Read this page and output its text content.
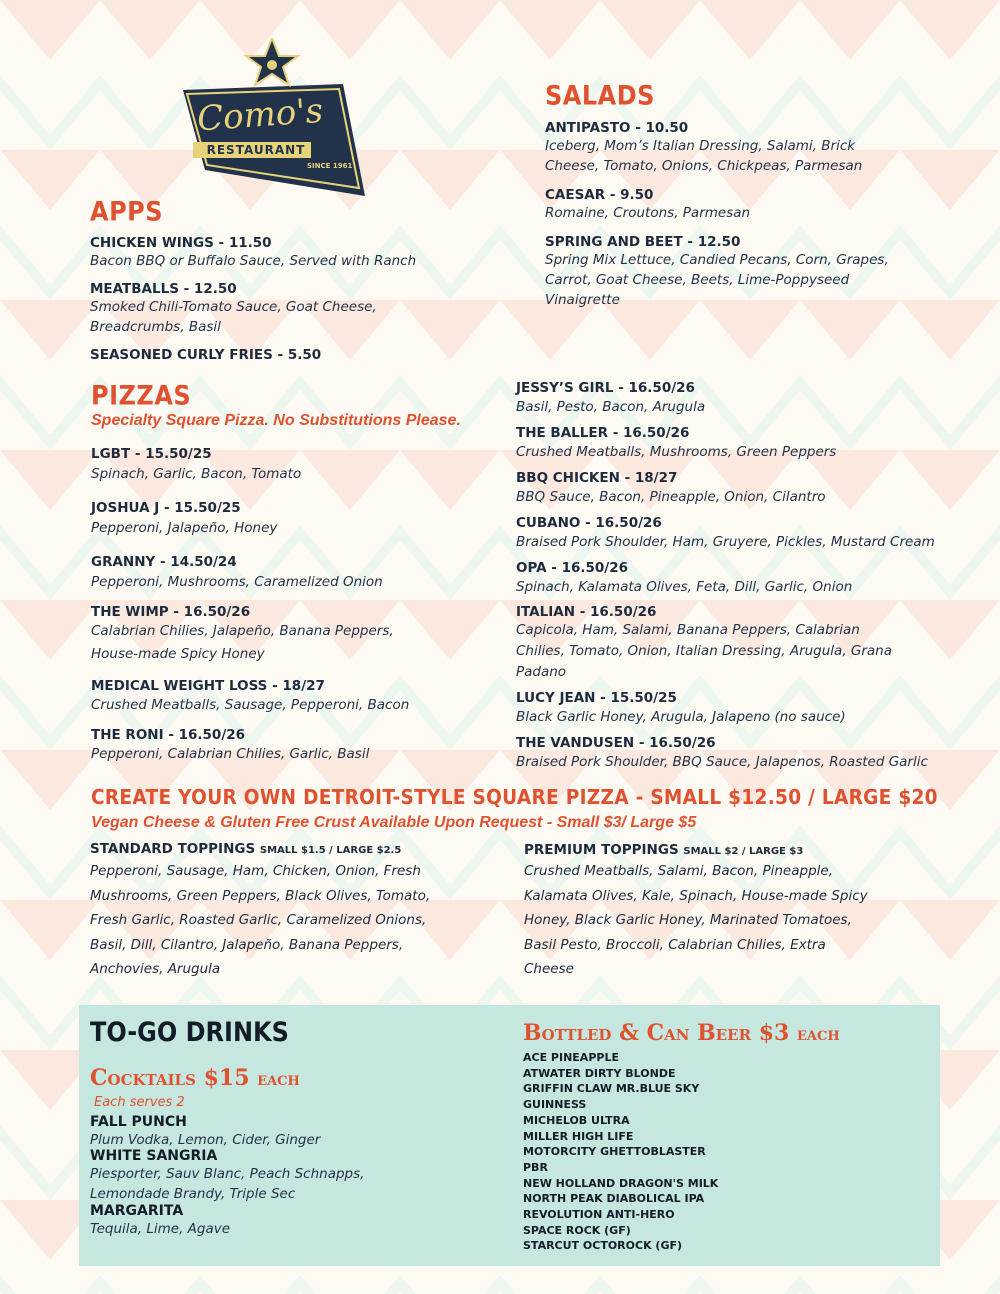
Como's
RESTAURANT
SINCE 1961
SALADS
ANTIPASTO - 10.50
Iceberg, Mom’s Italian Dressing, Salami, Brick Cheese, Tomato, Onions, Chickpeas, Parmesan
CAESAR - 9.50
Romaine, Croutons, Parmesan
SPRING AND BEET - 12.50
Spring Mix Lettuce, Candied Pecans, Corn, Grapes, Carrot, Goat Cheese, Beets, Lime-Poppyseed Vinaigrette
APPS
CHICKEN WINGS - 11.50
Bacon BBQ or Buffalo Sauce, Served with Ranch
MEATBALLS - 12.50
Smoked Chili-Tomato Sauce, Goat Cheese, Breadcrumbs, Basil
SEASONED CURLY FRIES - 5.50
PIZZAS
Specialty Square Pizza. No Substitutions Please.
LGBT - 15.50/25
Spinach, Garlic, Bacon, Tomato
JOSHUA J - 15.50/25
Pepperoni, Jalapeño, Honey
GRANNY - 14.50/24
Pepperoni, Mushrooms, Caramelized Onion
THE WIMP - 16.50/26
Calabrian Chilies, Jalapeño, Banana Peppers, House-made Spicy Honey
MEDICAL WEIGHT LOSS - 18/27
Crushed Meatballs, Sausage, Pepperoni, Bacon
THE RONI - 16.50/26
Pepperoni, Calabrian Chilies, Garlic, Basil
JESSY’S GIRL - 16.50/26
Basil, Pesto, Bacon, Arugula
THE BALLER - 16.50/26
Crushed Meatballs, Mushrooms, Green Peppers
BBQ CHICKEN - 18/27
BBQ Sauce, Bacon, Pineapple, Onion, Cilantro
CUBANO - 16.50/26
Braised Pork Shoulder, Ham, Gruyere, Pickles, Mustard Cream
OPA - 16.50/26
Spinach, Kalamata Olives, Feta, Dill, Garlic, Onion
ITALIAN - 16.50/26
Capicola, Ham, Salami, Banana Peppers, Calabrian Chilies, Tomato, Onion, Italian Dressing, Arugula, Grana Padano
LUCY JEAN - 15.50/25
Black Garlic Honey, Arugula, Jalapeno (no sauce)
THE VANDUSEN - 16.50/26
Braised Pork Shoulder, BBQ Sauce, Jalapenos, Roasted Garlic
CREATE YOUR OWN DETROIT-STYLE SQUARE PIZZA - SMALL $12.50 / LARGE $20
Vegan Cheese & Gluten Free Crust Available Upon Request - Small $3/ Large $5
STANDARD TOPPINGS SMALL $1.5 / LARGE $2.5
Pepperoni, Sausage, Ham, Chicken, Onion, Fresh
Mushrooms, Green Peppers, Black Olives, Tomato,
Fresh Garlic, Roasted Garlic, Caramelized Onions,
Basil, Dill, Cilantro, Jalapeño, Banana Peppers,
Anchovies, Arugula
PREMIUM TOPPINGS SMALL $2 / LARGE $3
Crushed Meatballs, Salami, Bacon, Pineapple,
Kalamata Olives, Kale, Spinach, House-made Spicy
Honey, Black Garlic Honey, Marinated Tomatoes,
Basil Pesto, Broccoli, Calabrian Chilies, Extra
Cheese
TO-GO DRINKS
Cocktails $15 each
Each serves 2
FALL PUNCH
Plum Vodka, Lemon, Cider, Ginger
WHITE SANGRIA
Piesporter, Sauv Blanc, Peach Schnapps, Lemondade Brandy, Triple Sec
MARGARITA
Tequila, Lime, Agave
Bottled & Can Beer $3 each
ACE PINEAPPLE
ATWATER DIRTY BLONDE
GRIFFIN CLAW MR.BLUE SKY
GUINNESS
MICHELOB ULTRA
MILLER HIGH LIFE
MOTORCITY GHETTOBLASTER
PBR
NEW HOLLAND DRAGON'S MILK
NORTH PEAK DIABOLICAL IPA
REVOLUTION ANTI-HERO
SPACE ROCK (GF)
STARCUT OCTOROCK (GF)
